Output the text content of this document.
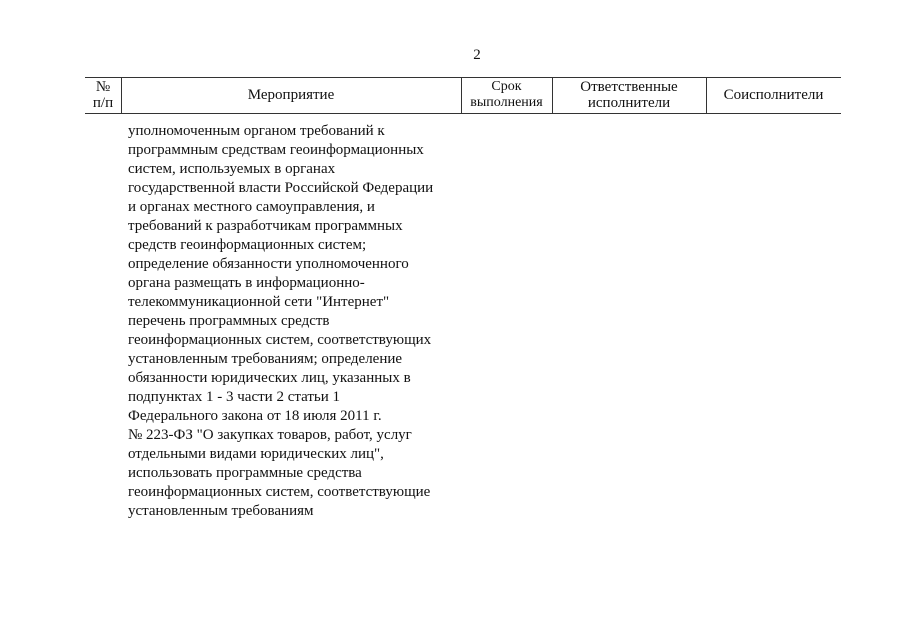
2
№
п/п	Мероприятие
Срок
выполнения
Ответственные
исполнители	Соисполнители
уполномоченным органом требований к
программным средствам геоинформационных
систем, используемых в органах
государственной власти Российской Федерации
и органах местного самоуправления, и
требований к разработчикам программных
средств геоинформационных систем;
определение обязанности уполномоченного
органа размещать в информационно-
телекоммуникационной сети "Интернет"
перечень программных средств
геоинформационных систем, соответствующих
установленным требованиям; определение
обязанности юридических лиц, указанных в
подпунктах 1 - 3 части 2 статьи 1
Федерального закона от 18 июля 2011 г.
№ 223-ФЗ "О закупках товаров, работ, услуг
отдельными видами юридических лиц",
использовать программные средства
геоинформационных систем, соответствующие
установленным требованиям
